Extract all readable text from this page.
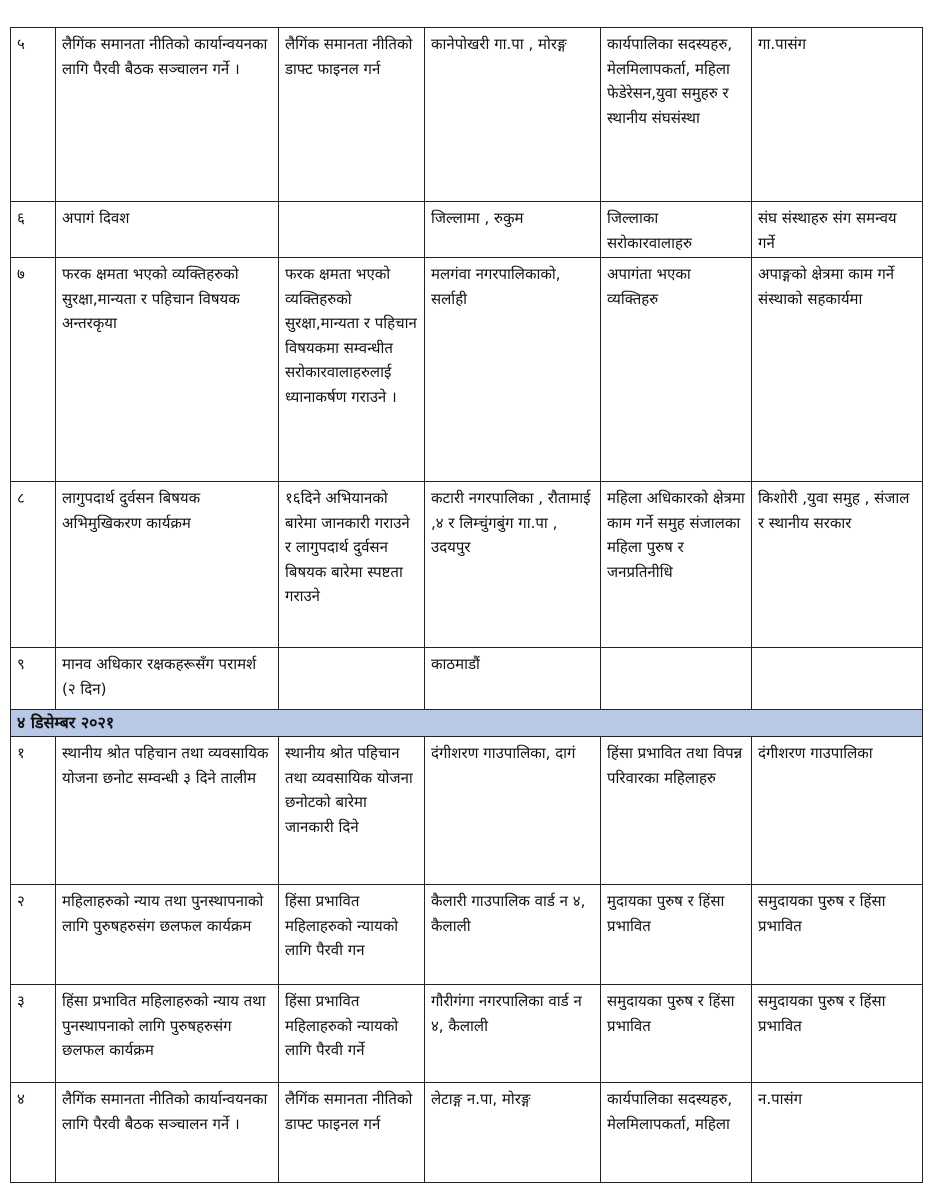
५	लैगिंक समानता नीतिको कार्यान्वयनका लागि पैरवी बैठक सञ्चालन गर्ने ।	लैगिंक समानता नीतिको डाफ्ट फाइनल गर्न	कानेपोखरी गा.पा , मोरङ्ग	कार्यपालिका सदस्यहरु, मेलमिलापकर्ता, महिला फेडेरेसन,युवा समुहरु र स्थानीय संघसंस्था	गा.पासंग
६	अपागं दिवश		जिल्लामा , रुकुम	जिल्लाका सरोकारवालाहरु	संघ संस्थाहरु संग समन्वय गर्ने
७	फरक क्षमता भएको व्यक्तिहरुको सुरक्षा,मान्यता र पहिचान विषयक अन्तरकृया	फरक क्षमता भएको व्यक्तिहरुको सुरक्षा,मान्यता र पहिचान विषयकमा सम्वन्धीत सरोकारवालाहरुलाई ध्यानाकर्षण गराउने ।	मलगंवा नगरपालिकाको, सर्लाही	अपागंता भएका व्यक्तिहरु	अपाङ्गको क्षेत्रमा काम गर्ने संस्थाको सहकार्यमा
८	लागुपदार्थ दुर्वसन बिषयक अभिमुखिकरण कार्यक्रम	१६दिने अभियानको बारेमा जानकारी गराउने र लागुपदार्थ दुर्वसन बिषयक बारेमा स्पष्टता गराउने	कटारी नगरपालिका , रौतामाई ,४ र लिम्चुंगबुंग गा.पा , उदयपुर	महिला अधिकारको क्षेत्रमा काम गर्ने समुह संजालका महिला पुरुष र जनप्रतिनीधि	किशोरी ,युवा समुह , संजाल र स्थानीय सरकार
९	मानव अधिकार रक्षकहरूसँग परामर्श (२ दिन)		काठमाडौं		
४ डिसेम्बर २०२१					
१	स्थानीय श्रोत पहिचान तथा व्यवसायिक योजना छनोट सम्वन्धी ३ दिने तालीम	स्थानीय श्रोत पहिचान तथा व्यवसायिक योजना छनोटको बारेमा जानकारी दिने	दंगीशरण गाउपालिका, दागं	हिंसा प्रभावित तथा विपन्न परिवारका महिलाहरु	दंगीशरण गाउपालिका
२	महिलाहरुको न्याय तथा पुनस्थापनाको लागि पुरुषहरुसंग छलफल कार्यक्रम	हिंसा प्रभावित महिलाहरुको न्यायको लागि पैरवी गन	कैलारी गाउपालिक वार्ड न ४, कैलाली	मुदायका पुरुष र हिंसा प्रभावित	समुदायका पुरुष र हिंसा प्रभावित
३	हिंसा प्रभावित महिलाहरुको न्याय तथा पुनस्थापनाको लागि पुरुषहरुसंग छलफल कार्यक्रम	हिंसा प्रभावित महिलाहरुको न्यायको लागि पैरवी गर्ने	गौरीगंगा नगरपालिका वार्ड न ४, कैलाली	समुदायका पुरुष र हिंसा प्रभावित	समुदायका पुरुष र हिंसा प्रभावित
४	लैगिंक समानता नीतिको कार्यान्वयनका लागि पैरवी बैठक सञ्चालन गर्ने ।	लैगिंक समानता नीतिको डाफ्ट फाइनल गर्न	लेटाङ्ग न.पा, मोरङ्ग	कार्यपालिका सदस्यहरु, मेलमिलापकर्ता, महिला	न.पासंग
